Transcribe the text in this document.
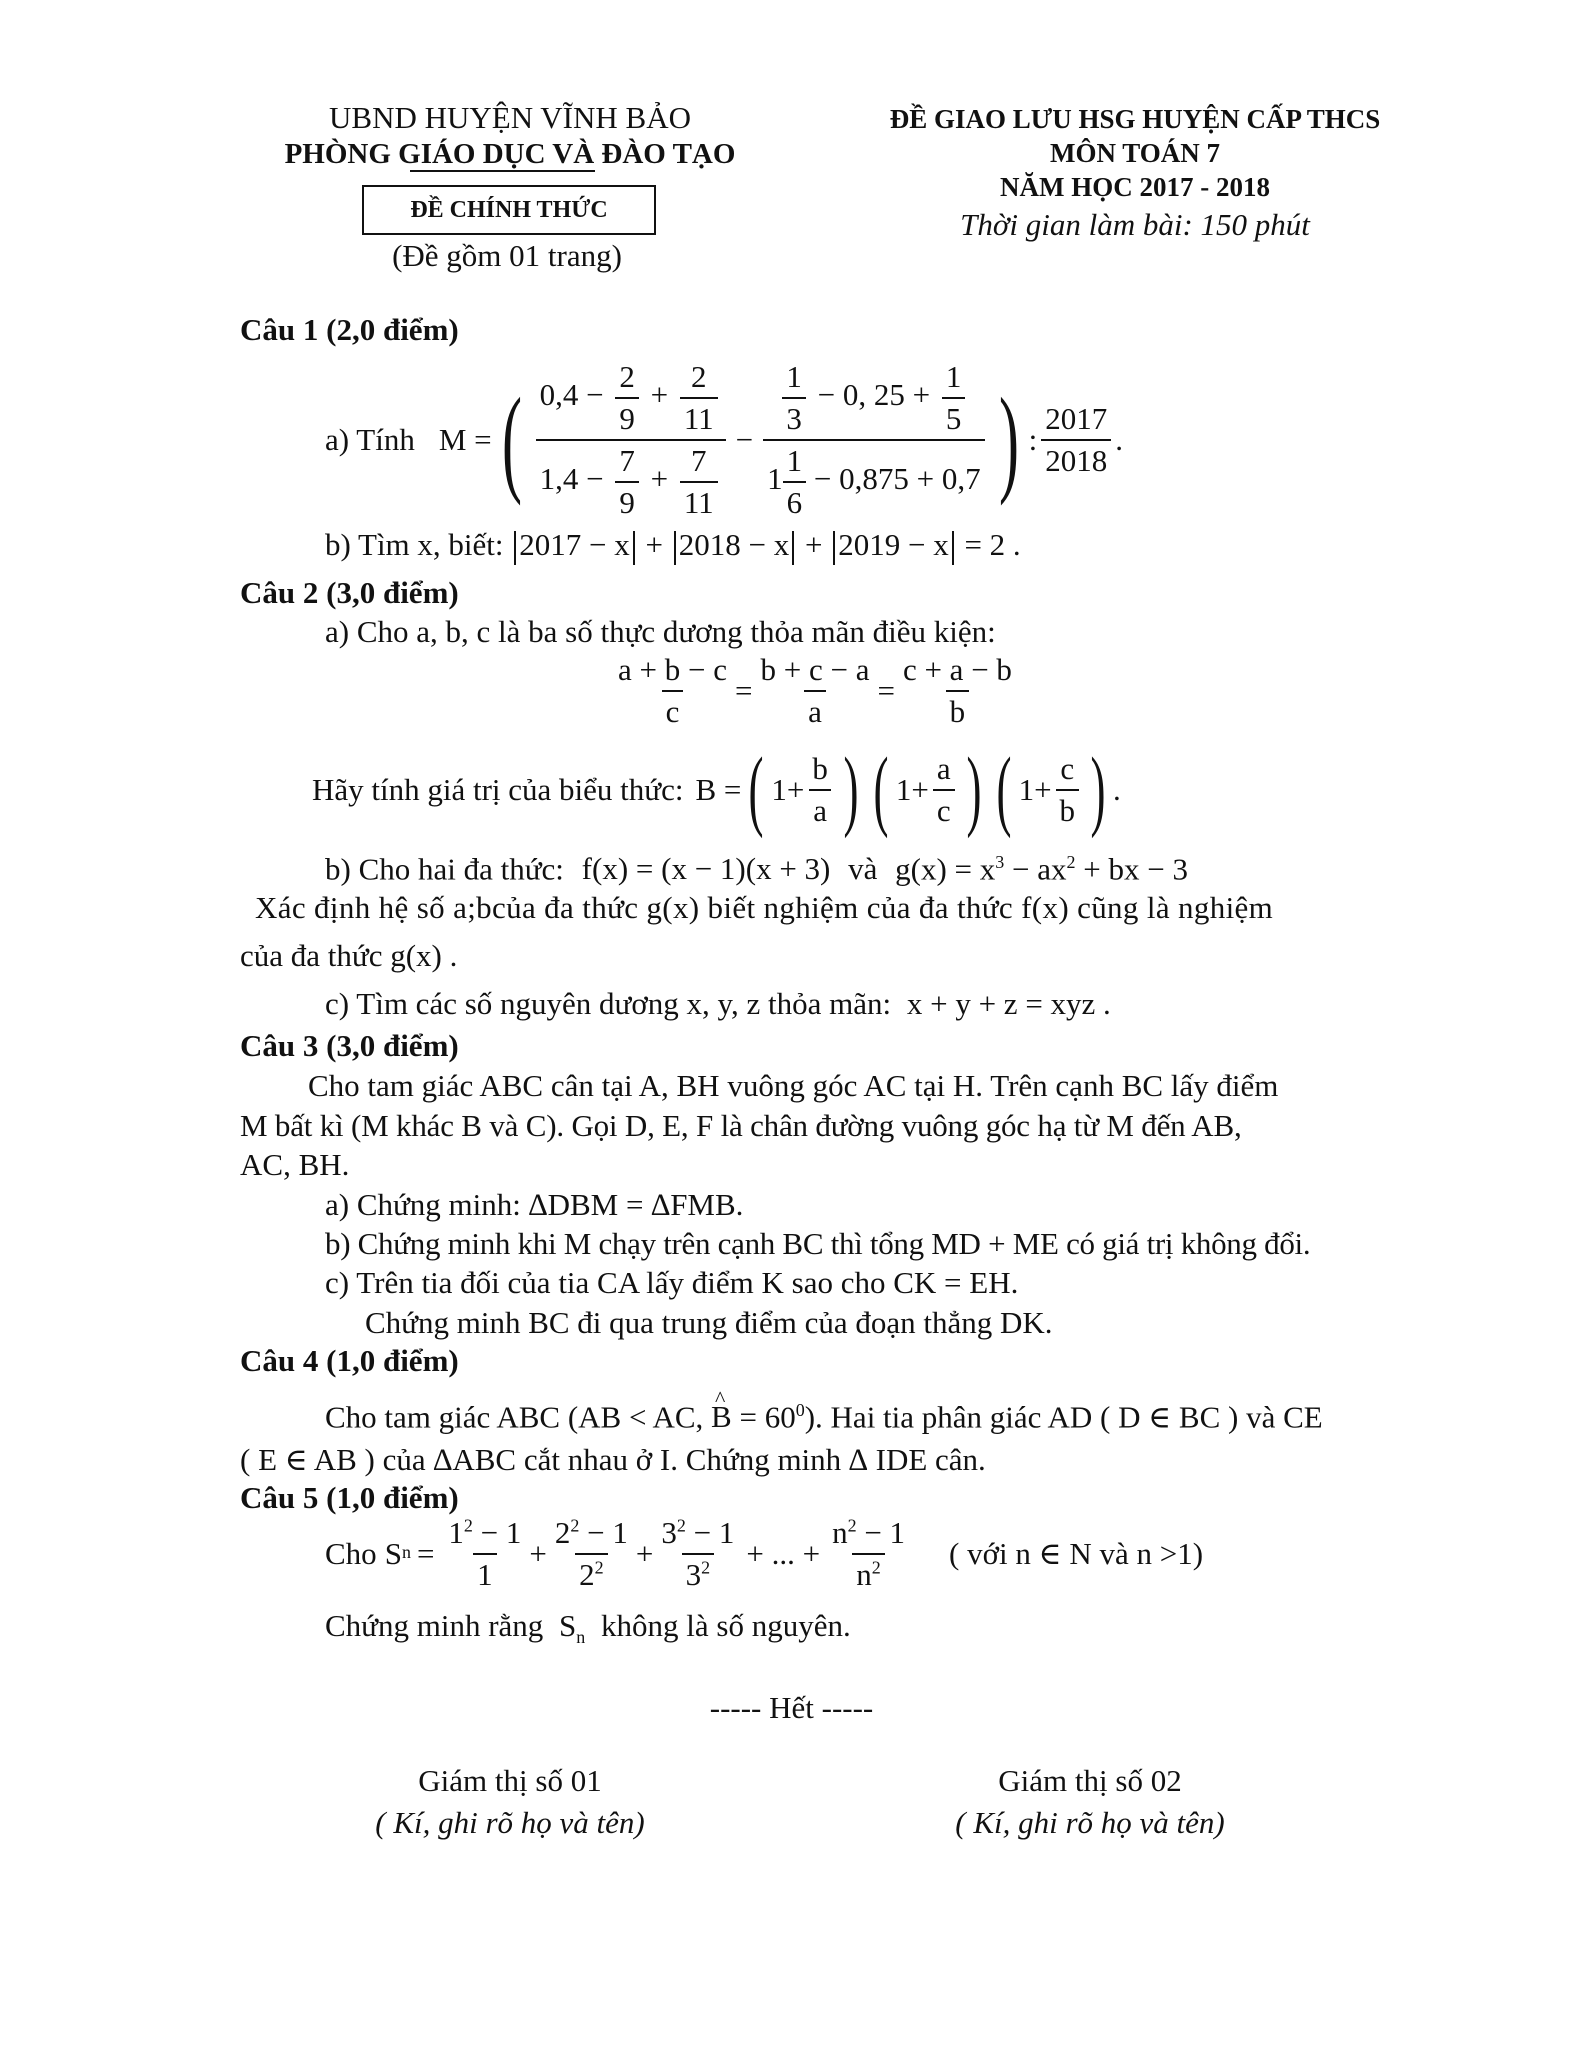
UBND HUYỆN VĨNH BẢO
PHÒNG GIÁO DỤC VÀ ĐÀO TẠO
ĐỀ CHÍNH THỨC
(Đề gồm 01 trang)
ĐỀ GIAO LƯU HSG HUYỆN CẤP THCS
MÔN TOÁN 7
NĂM HỌC 2017 - 2018
Thời gian làm bài: 150 phút
Câu 1 (2,0 điểm)
a) Tính M = ( $\frac{0,4 - \frac{2}{9} + \frac{2}{11}}{1,4 - \frac{7}{9} + \frac{7}{11}} - \frac{\frac{1}{3} - 0, 25 + \frac{1}{5}}{1 \frac{1}{6} - 0,875 + 0,7}$ ) : $\frac{2017}{2018}$ .
b) Tìm x, biết: 2017 − x + 2018 − x + 2019 − x = 2 .
Câu 2 (3,0 điểm)
a) Cho a, b, c là ba số thực dương thỏa mãn điều kiện:
$\frac{a + b - c}{c} = \frac{b + c - a}{a} = \frac{c + a - b}{b}$
Hãy tính giá trị của biểu thức: B = ( $1+ \frac{b}{a}$ ) ( $1+ \frac{a}{c}$ ) ( $1+ \frac{c}{b}$ ) .
b) Cho hai đa thức: f(x) = (x − 1)(x + 3) và $g(x) = x^3 - ax^2$ + bx − 3
Xác định hệ số a;bcủa đa thức g(x) biết nghiệm của đa thức f(x) cũng là nghiệm
của đa thức g(x) .
c) Tìm các số nguyên dương x, y, z thỏa mãn: x + y + z = xyz .
Câu 3 (3,0 điểm)
Cho tam giác ABC cân tại A, BH vuông góc AC tại H. Trên cạnh BC lấy điểm
M bất kì (M khác B và C). Gọi D, E, F là chân đường vuông góc hạ từ M đến AB,
AC, BH.
a) Chứng minh: ∆DBM = ∆FMB.
b) Chứng minh khi M chạy trên cạnh BC thì tổng MD + ME có giá trị không đổi.
c) Trên tia đối của tia CA lấy điểm K sao cho CK = EH.
Chứng minh BC đi qua trung điểm của đoạn thẳng DK.
Câu 4 (1,0 điểm)
Cho tam giác ABC (AB < AC, ^ $B = 60^0$). Hai tia phân giác AD ( D ∈ BC ) và CE
( E ∈ AB ) của ∆ABC cắt nhau ở I. Chứng minh ∆ IDE cân.
Câu 5 (1,0 điểm)
Cho S $n = \frac{1^2 - 1}{1} + \frac{2^2 - 1}{2^2} + \frac{3^2 - 1}{3^2}$ + ... + $\frac{n^2 - 1}{n^2}$ ( với n ∈ N và n >1)
Chứng minh rằng $S_n$ không là số nguyên.
----- Hết -----
Giám thị số 01
( Kí, ghi rõ họ và tên)
Giám thị số 02
( Kí, ghi rõ họ và tên)
